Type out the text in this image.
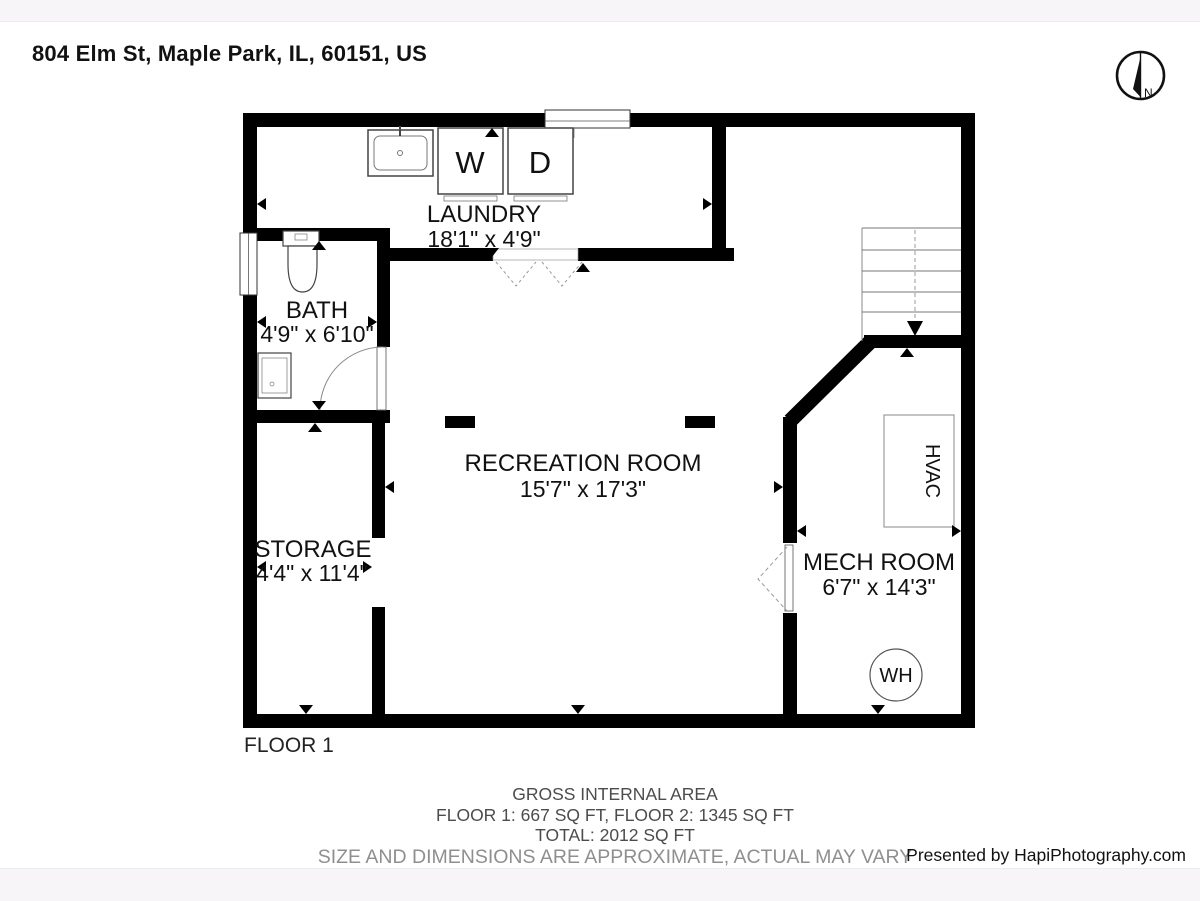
804 Elm St, Maple Park, IL, 60151, US
N
W D
HVAC
WH
LAUNDRY
18'1" x 4'9"
BATH
4'9" x 6'10"
RECREATION ROOM
15'7" x 17'3"
STORAGE
4'4" x 11'4"	MECH ROOM
6'7" x 14'3"
FLOOR 1
GROSS INTERNAL AREA
FLOOR 1: 667 SQ FT, FLOOR 2: 1345 SQ FT
TOTAL: 2012 SQ FT
SIZE AND DIMENSIONS ARE APPROXIMATE, ACTUAL MAY VARY
Presented by HapiPhotography.com
